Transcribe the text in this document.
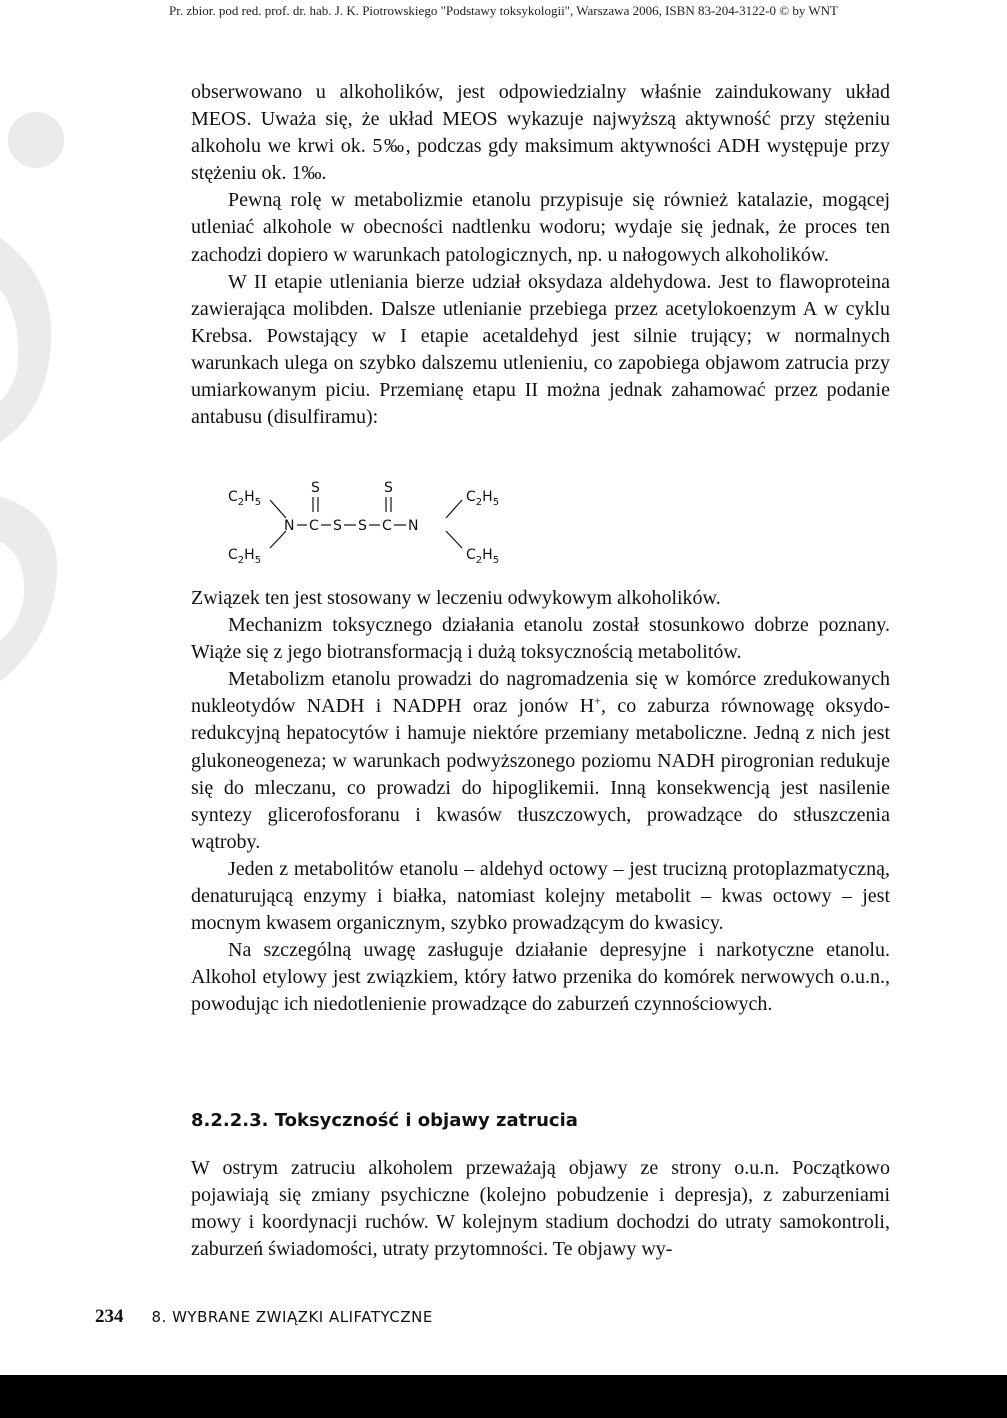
Pr. zbior. pod red. prof. dr. hab. J. K. Piotrowskiego "Podstawy toksykologii", Warszawa 2006, ISBN 83-204-3122-0 © by WNT

obserwowano u alkoholików, jest odpowiedzialny właśnie zaindukowany układ MEOS. Uważa się, że układ MEOS wykazuje najwyższą aktywność przy stężeniu alkoholu we krwi ok. 5‰, podczas gdy maksimum aktywności ADH występuje przy stężeniu ok. 1‰.

Pewną rolę w metabolizmie etanolu przypisuje się również katalazie, mogącej utleniać alkohole w obecności nadtlenku wodoru; wydaje się jednak, że proces ten zachodzi dopiero w warunkach patologicznych, np. u nałogowych alkoholików.

W II etapie utleniania bierze udział oksydaza aldehydowa. Jest to flawoproteina zawierająca molibden. Dalsze utlenianie przebiega przez acetylokoenzym A w cyklu Krebsa. Powstający w I etapie acetaldehyd jest silnie trujący; w normalnych warunkach ulega on szybko dalszemu utlenieniu, co zapobiega objawom zatrucia przy umiarkowanym piciu. Przemianę etapu II można jednak zahamować przez podanie antabusu (disulfiramu):

$C_2H_5$
$C_2H_5$
$C_2H_5$
$C_2H_5$
N C S S C N
S	S

Związek ten jest stosowany w leczeniu odwykowym alkoholików.

Mechanizm toksycznego działania etanolu został stosunkowo dobrze poznany. Wiąże się z jego biotransformacją i dużą toksycznością metabolitów.

Metabolizm etanolu prowadzi do nagromadzenia się w komórce zredukowanych nukleotydów NADH i NADPH oraz jonów H+, co zaburza równowagę oksydo-redukcyjną hepatocytów i hamuje niektóre przemiany metaboliczne. Jedną z nich jest glukoneogeneza; w warunkach podwyższonego poziomu NADH pirogronian redukuje się do mleczanu, co prowadzi do hipoglikemii. Inną konsekwencją jest nasilenie syntezy glicerofosforanu i kwasów tłuszczowych, prowadzące do stłuszczenia wątroby.

Jeden z metabolitów etanolu – aldehyd octowy – jest trucizną protoplazmatyczną, denaturującą enzymy i białka, natomiast kolejny metabolit – kwas octowy – jest mocnym kwasem organicznym, szybko prowadzącym do kwasicy.

Na szczególną uwagę zasługuje działanie depresyjne i narkotyczne etanolu. Alkohol etylowy jest związkiem, który łatwo przenika do komórek nerwowych o.u.n., powodując ich niedotlenienie prowadzące do zaburzeń czynnościowych.

8.2.2.3. Toksyczność i objawy zatrucia

W ostrym zatruciu alkoholem przeważają objawy ze strony o.u.n. Początkowo pojawiają się zmiany psychiczne (kolejno pobudzenie i depresja), z zaburzeniami mowy i koordynacji ruchów. W kolejnym stadium dochodzi do utraty samokontroli, zaburzeń świadomości, utraty przytomności. Te objawy wy-

234 8. WYBRANE ZWIĄZKI ALIFATYCZNE
